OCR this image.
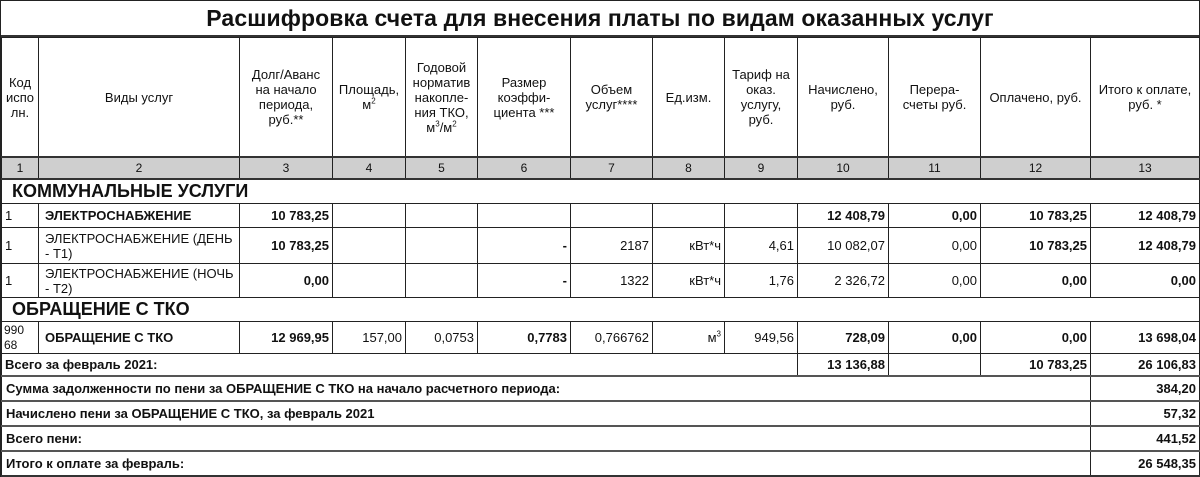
Расшифровка счета для внесения платы по видам оказанных услуг
Код испо лн.	Виды услуг	Долг/Аванс на начало периода, руб.**	Площадь, $м^2$	Годовой норматив накопле- ния ТКО, $м^3/м^2$	Размер коэффи- циента ***	Объем услуг****	Ед.изм.	Тариф на оказ. услугу, руб.	Начислено, руб.	Перера- счеты руб.	Оплачено, руб.	Итого к оплате, руб. *
1	2	3	4	5	6	7	8	9	10	11	12	13
КОММУНАЛЬНЫЕ УСЛУГИ												
1	ЭЛЕКТРОСНАБЖЕНИЕ	10 783,25							12 408,79	0,00	10 783,25	12 408,79
1	ЭЛЕКТРОСНАБЖЕНИЕ (ДЕНЬ - Т1)	10 783,25			-	2187	кВт*ч	4,61	10 082,07	0,00	10 783,25	12 408,79
1	ЭЛЕКТРОСНАБЖЕНИЕ (НОЧЬ - Т2)	0,00			-	1322	кВт*ч	1,76	2 326,72	0,00	0,00	0,00
ОБРАЩЕНИЕ С ТКО												
990 68	ОБРАЩЕНИЕ С ТКО	12 969,95	157,00	0,0753	0,7783	0,766762	$м^3$	949,56	728,09	0,00	0,00	13 698,04
Всего за февраль 2021:									13 136,88		10 783,25	26 106,83
Сумма задолженности по пени за ОБРАЩЕНИЕ С ТКО на начало расчетного периода:												384,20
Начислено пени за ОБРАЩЕНИЕ С ТКО, за февраль 2021												57,32
Всего пени:												441,52
Итого к оплате за февраль:												26 548,35
